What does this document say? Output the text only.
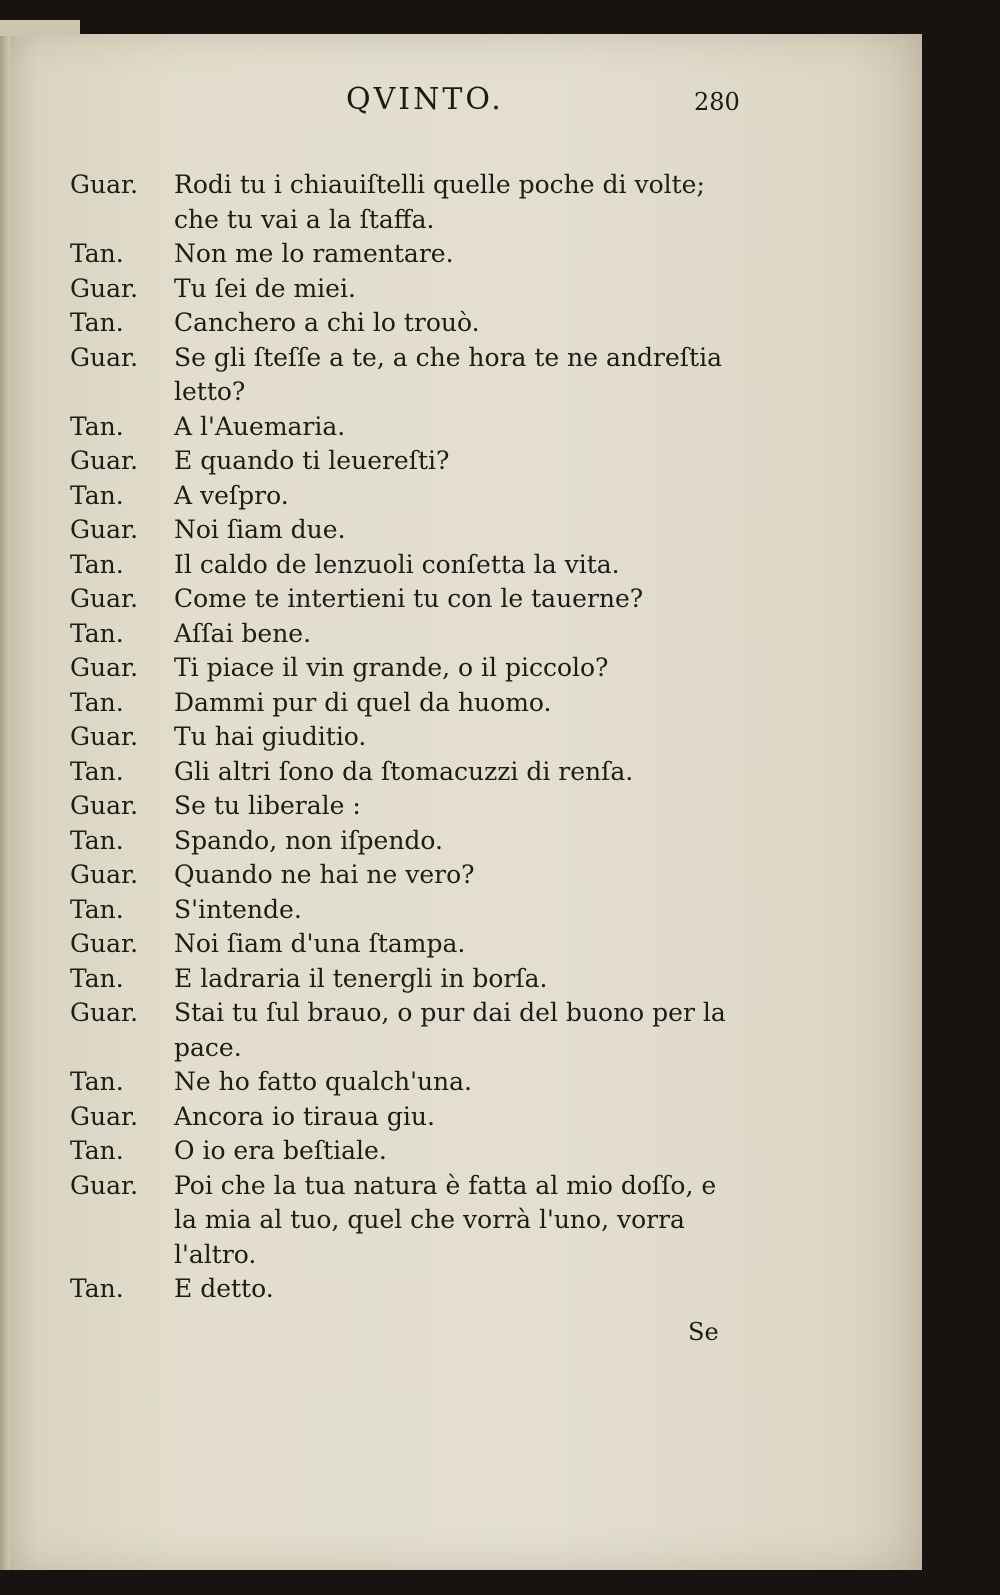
QVINTO.	280
Guar.	Rodi tu i chiauiſtelli quelle poche di volte; che tu vai a la ſtaffa.
Tan.	Non me lo ramentare.
Guar.	Tu ſei de miei.
Tan.	Canchero a chi lo trouò.
Guar.	Se gli ſteſſe a te, a che hora te ne andreſtia letto?
Tan.	A l'Auemaria.
Guar.	E quando ti leuereſti?
Tan.	A veſpro.
Guar.	Noi ſiam due.
Tan.	Il caldo de lenzuoli conſetta la vita.
Guar.	Come te intertieni tu con le tauerne?
Tan.	Aſſai bene.
Guar.	Ti piace il vin grande, o il piccolo?
Tan.	Dammi pur di quel da huomo.
Guar.	Tu hai giuditio.
Tan.	Gli altri ſono da ſtomacuzzi di renſa.
Guar.	Se tu liberale :
Tan.	Spando, non iſpendo.
Guar.	Quando ne hai ne vero?
Tan.	S'intende.
Guar.	Noi ſiam d'una ſtampa.
Tan.	E ladraria il tenergli in borſa.
Guar.	Stai tu ſul brauo, o pur dai del buono per la pace.
Tan.	Ne ho fatto qualch'una.
Guar.	Ancora io tiraua giu.
Tan.	O io era beſtiale.
Guar.	Poi che la tua natura è fatta al mio doſſo, e la mia al tuo, quel che vorrà l'uno, vorra l'altro.
Tan.	E detto.
Se
